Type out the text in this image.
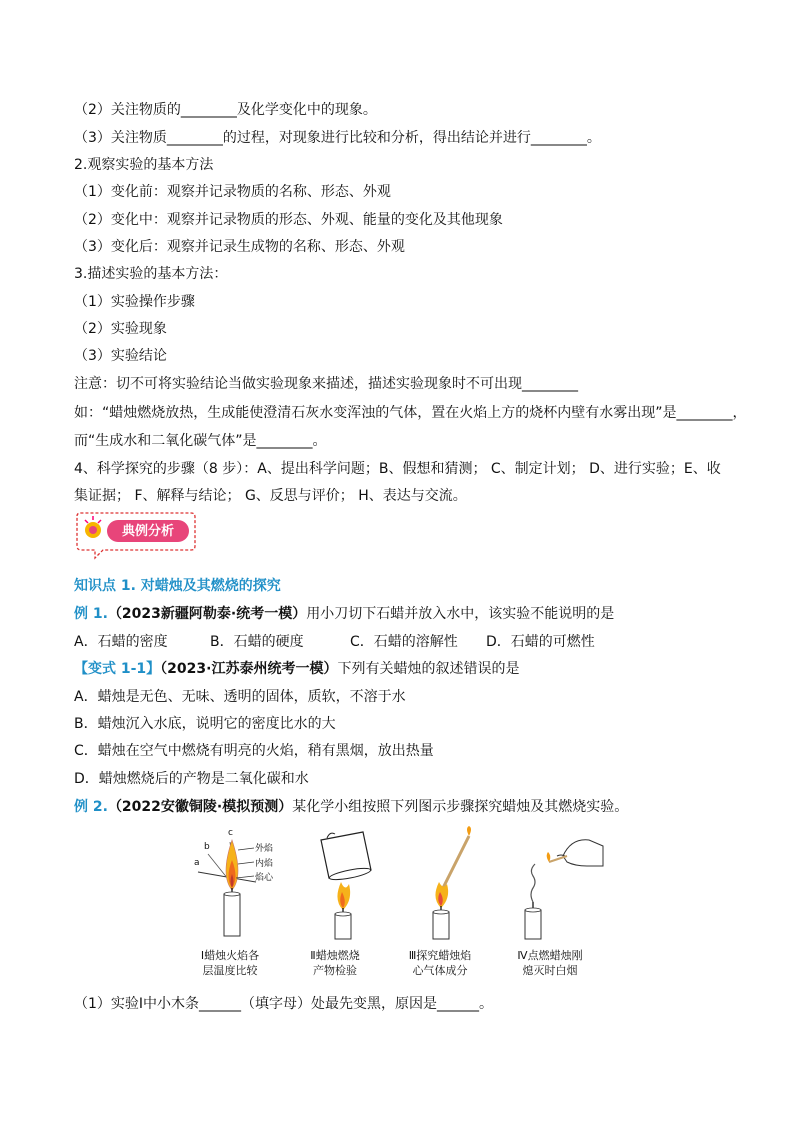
（2）关注物质的________及化学变化中的现象。
（3）关注物质________的过程，对现象进行比较和分析，得出结论并进行________。
2.观察实验的基本方法
（1）变化前：观察并记录物质的名称、形态、外观
（2）变化中：观察并记录物质的形态、外观、能量的变化及其他现象
（3）变化后：观察并记录生成物的名称、形态、外观
3.描述实验的基本方法：
（1）实验操作步骤
（2）实验现象
（3）实验结论
注意：切不可将实验结论当做实验现象来描述，描述实验现象时不可出现________
如：“蜡烛燃烧放热，生成能使澄清石灰水变浑浊的气体，置在火焰上方的烧杯内壁有水雾出现”是________，
而“生成水和二氧化碳气体”是________。
4、科学探究的步骤（8 步）：A、提出科学问题；B、假想和猜测； C、制定计划； D、进行实验；E、收
集证据； F、解释与结论； G、反思与评价； H、表达与交流。
典例分析
知识点 1. 对蜡烛及其燃烧的探究
例 1.（2023新疆阿勒泰·统考一模）用小刀切下石蜡并放入水中，该实验不能说明的是
A．石蜡的密度	B．石蜡的硬度	C．石蜡的溶解性 D．石蜡的可燃性
【变式 1-1】（2023·江苏泰州统考一模）下列有关蜡烛的叙述错误的是
A．蜡烛是无色、无味、透明的固体，质软，不溶于水
B．蜡烛沉入水底，说明它的密度比水的大
C．蜡烛在空气中燃烧有明亮的火焰，稍有黑烟，放出热量
D．蜡烛燃烧后的产物是二氧化碳和水
例 2.（2022安徽铜陵·模拟预测）某化学小组按照下列图示步骤探究蜡烛及其燃烧实验。
a
b
c
外焰
内焰
焰心
Ⅰ蜡烛火焰各
层温度比较
Ⅱ蜡烛燃烧
产物检验
Ⅲ探究蜡烛焰
心气体成分
Ⅳ点燃蜡烛刚
熄灭时白烟
（1）实验Ⅰ中小木条______（填字母）处最先变黑，原因是______。
